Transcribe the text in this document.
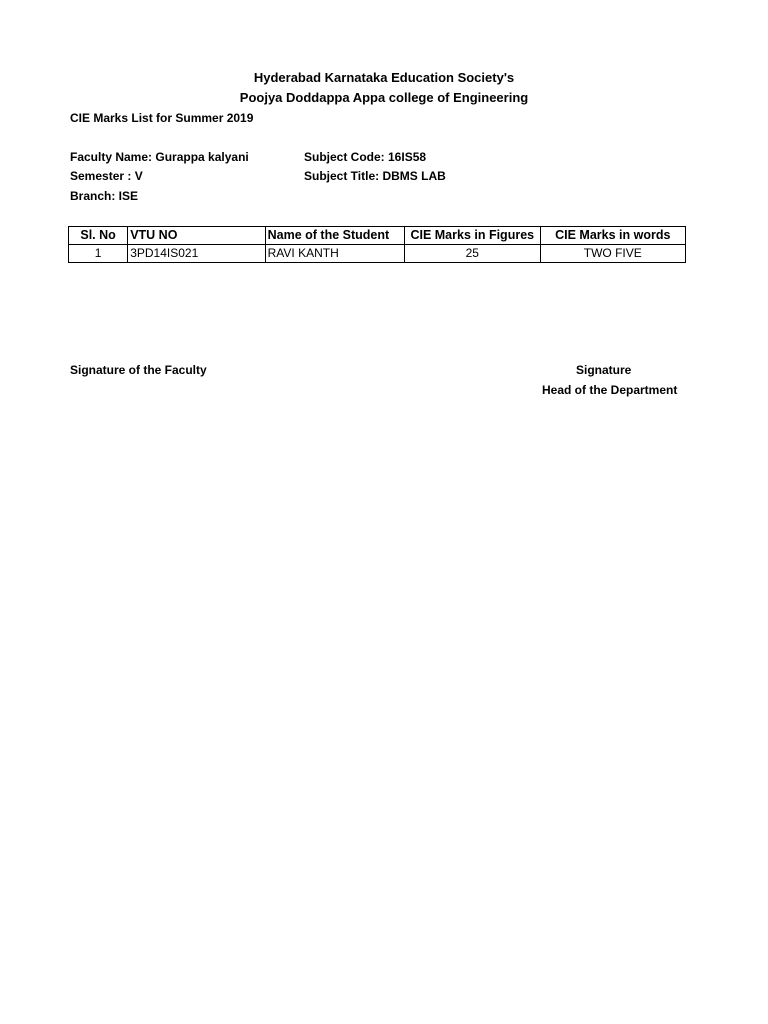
Hyderabad Karnataka Education Society's
Poojya Doddappa Appa college of Engineering
CIE Marks List for Summer 2019
Faculty Name: Gurappa kalyani
Semester : V
Branch: ISE
Subject Code: 16IS58
Subject Title: DBMS LAB
Sl. No	VTU NO	Name of the Student	CIE Marks in Figures	CIE Marks in words
1	3PD14IS021	RAVI KANTH	25	TWO FIVE
Signature of the Faculty	Signature
Head of the Department
